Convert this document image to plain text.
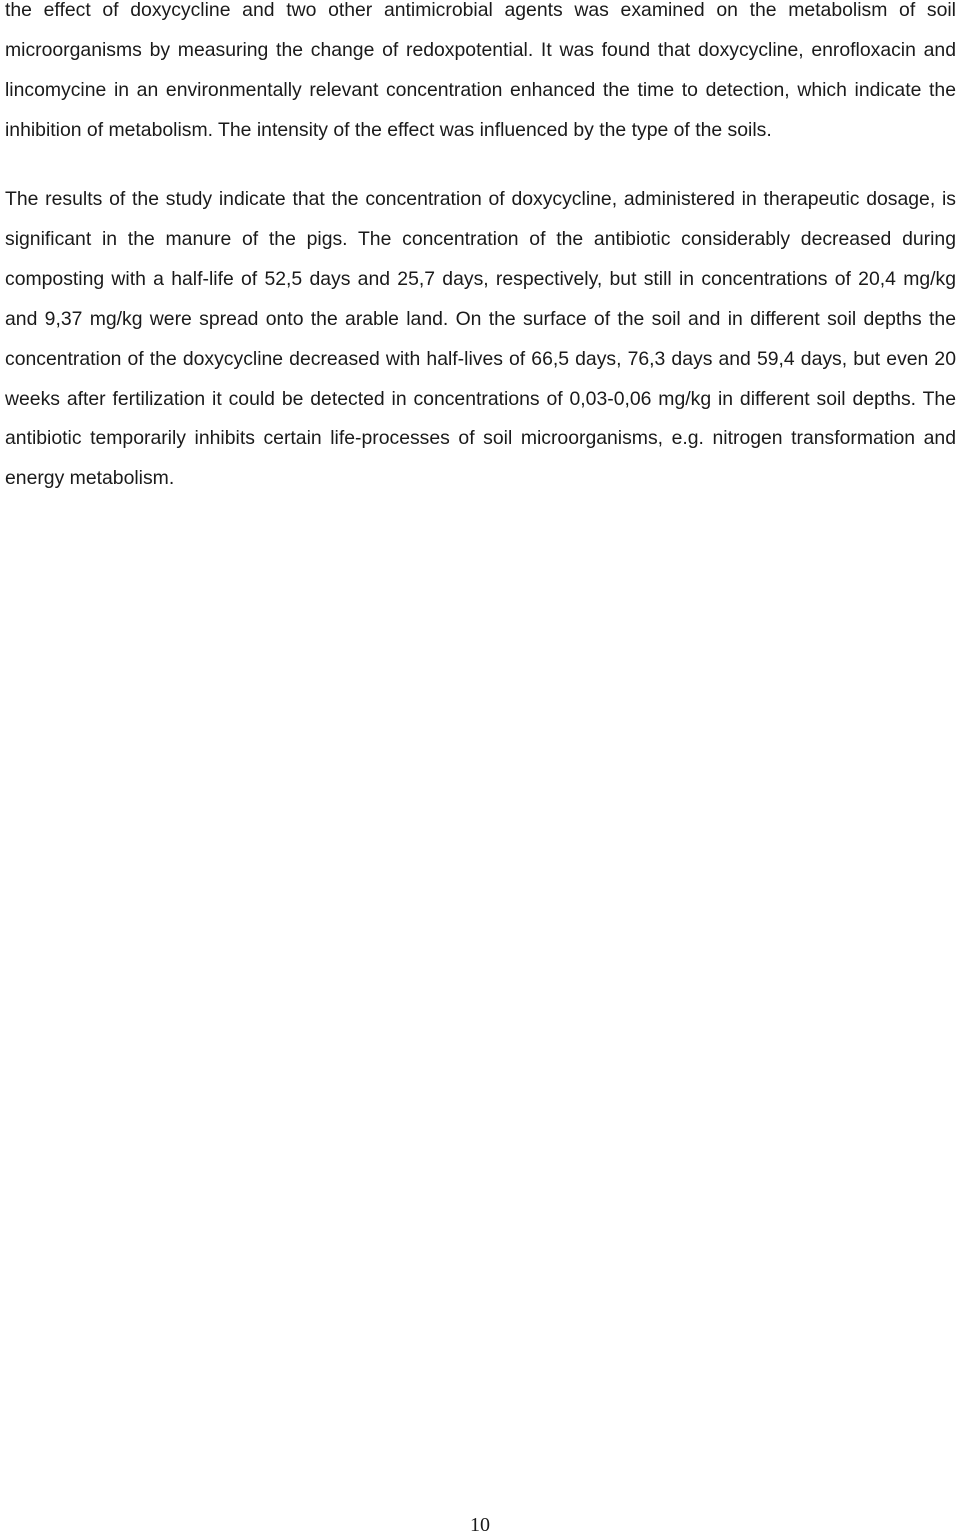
the effect of doxycycline and two other antimicrobial agents was examined on the metabolism of soil microorganisms by measuring the change of redoxpotential. It was found that doxycycline, enrofloxacin and lincomycine in an environmentally relevant concentration enhanced the time to detection, which indicate the inhibition of metabolism. The intensity of the effect was influenced by the type of the soils.

The results of the study indicate that the concentration of doxycycline, administered in therapeutic dosage, is significant in the manure of the pigs. The concentration of the antibiotic considerably decreased during composting with a half-life of 52,5 days and 25,7 days, respectively, but still in concentrations of 20,4 mg/kg and 9,37 mg/kg were spread onto the arable land. On the surface of the soil and in different soil depths the concentration of the doxycycline decreased with half-lives of 66,5 days, 76,3 days and 59,4 days, but even 20 weeks after fertilization it could be detected in concentrations of 0,03-0,06 mg/kg in different soil depths. The antibiotic temporarily inhibits certain life-processes of soil microorganisms, e.g. nitrogen transformation and energy metabolism.

10
